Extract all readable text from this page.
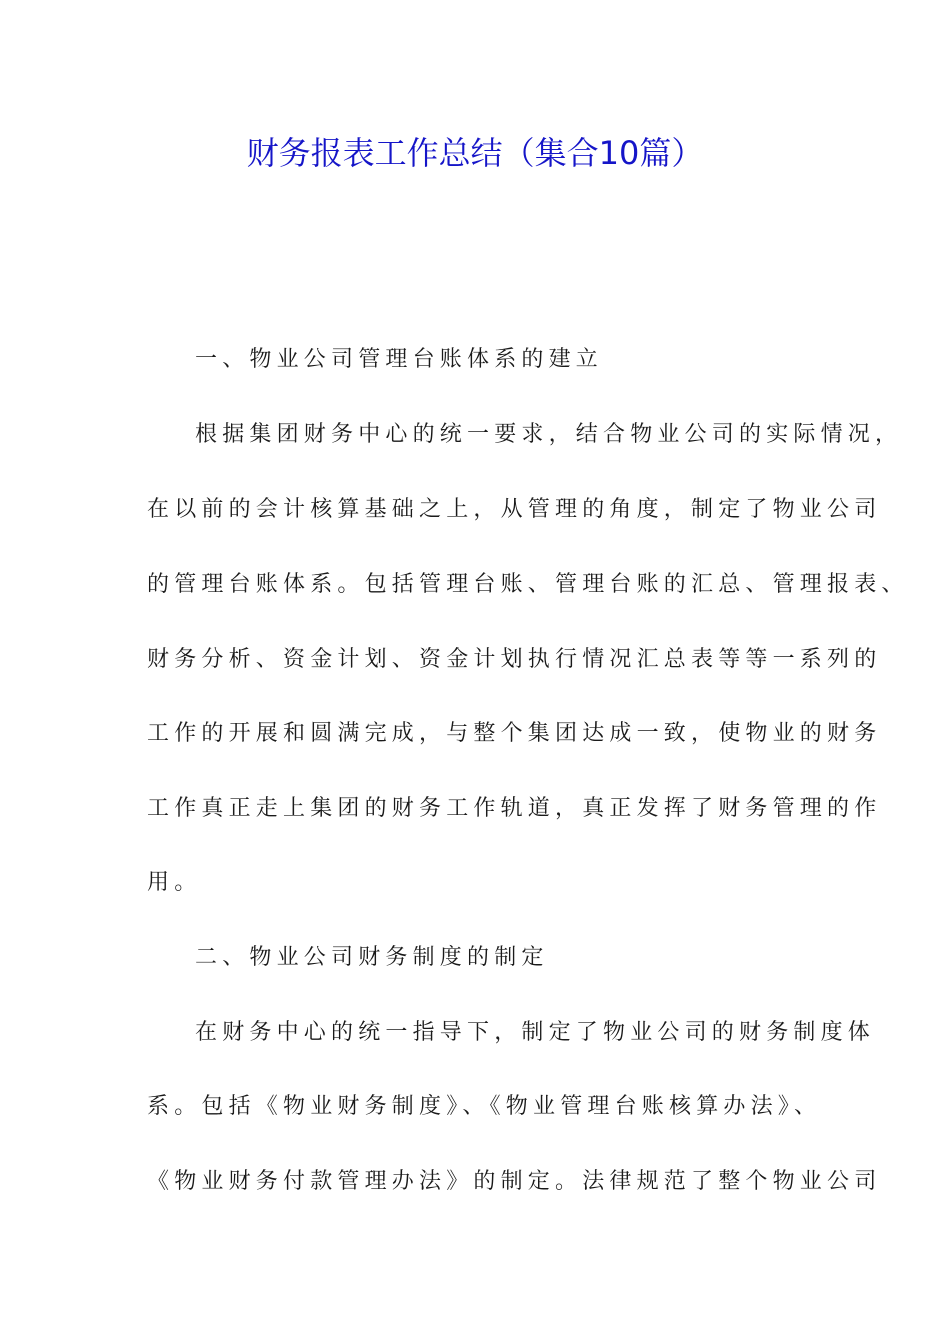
财务报表工作总结（集合10篇）
一、物业公司管理台账体系的建立
根据集团财务中心的统一要求，结合物业公司的实际情况，
在以前的会计核算基础之上，从管理的角度，制定了物业公司
的管理台账体系。包括管理台账、管理台账的汇总、管理报表、
财务分析、资金计划、资金计划执行情况汇总表等等一系列的
工作的开展和圆满完成，与整个集团达成一致，使物业的财务
工作真正走上集团的财务工作轨道，真正发挥了财务管理的作
用。
二、物业公司财务制度的制定
在财务中心的统一指导下，制定了物业公司的财务制度体
系。包括《物业财务制度》、《物业管理台账核算办法》、
《物业财务付款管理办法》的制定。法律规范了整个物业公司
